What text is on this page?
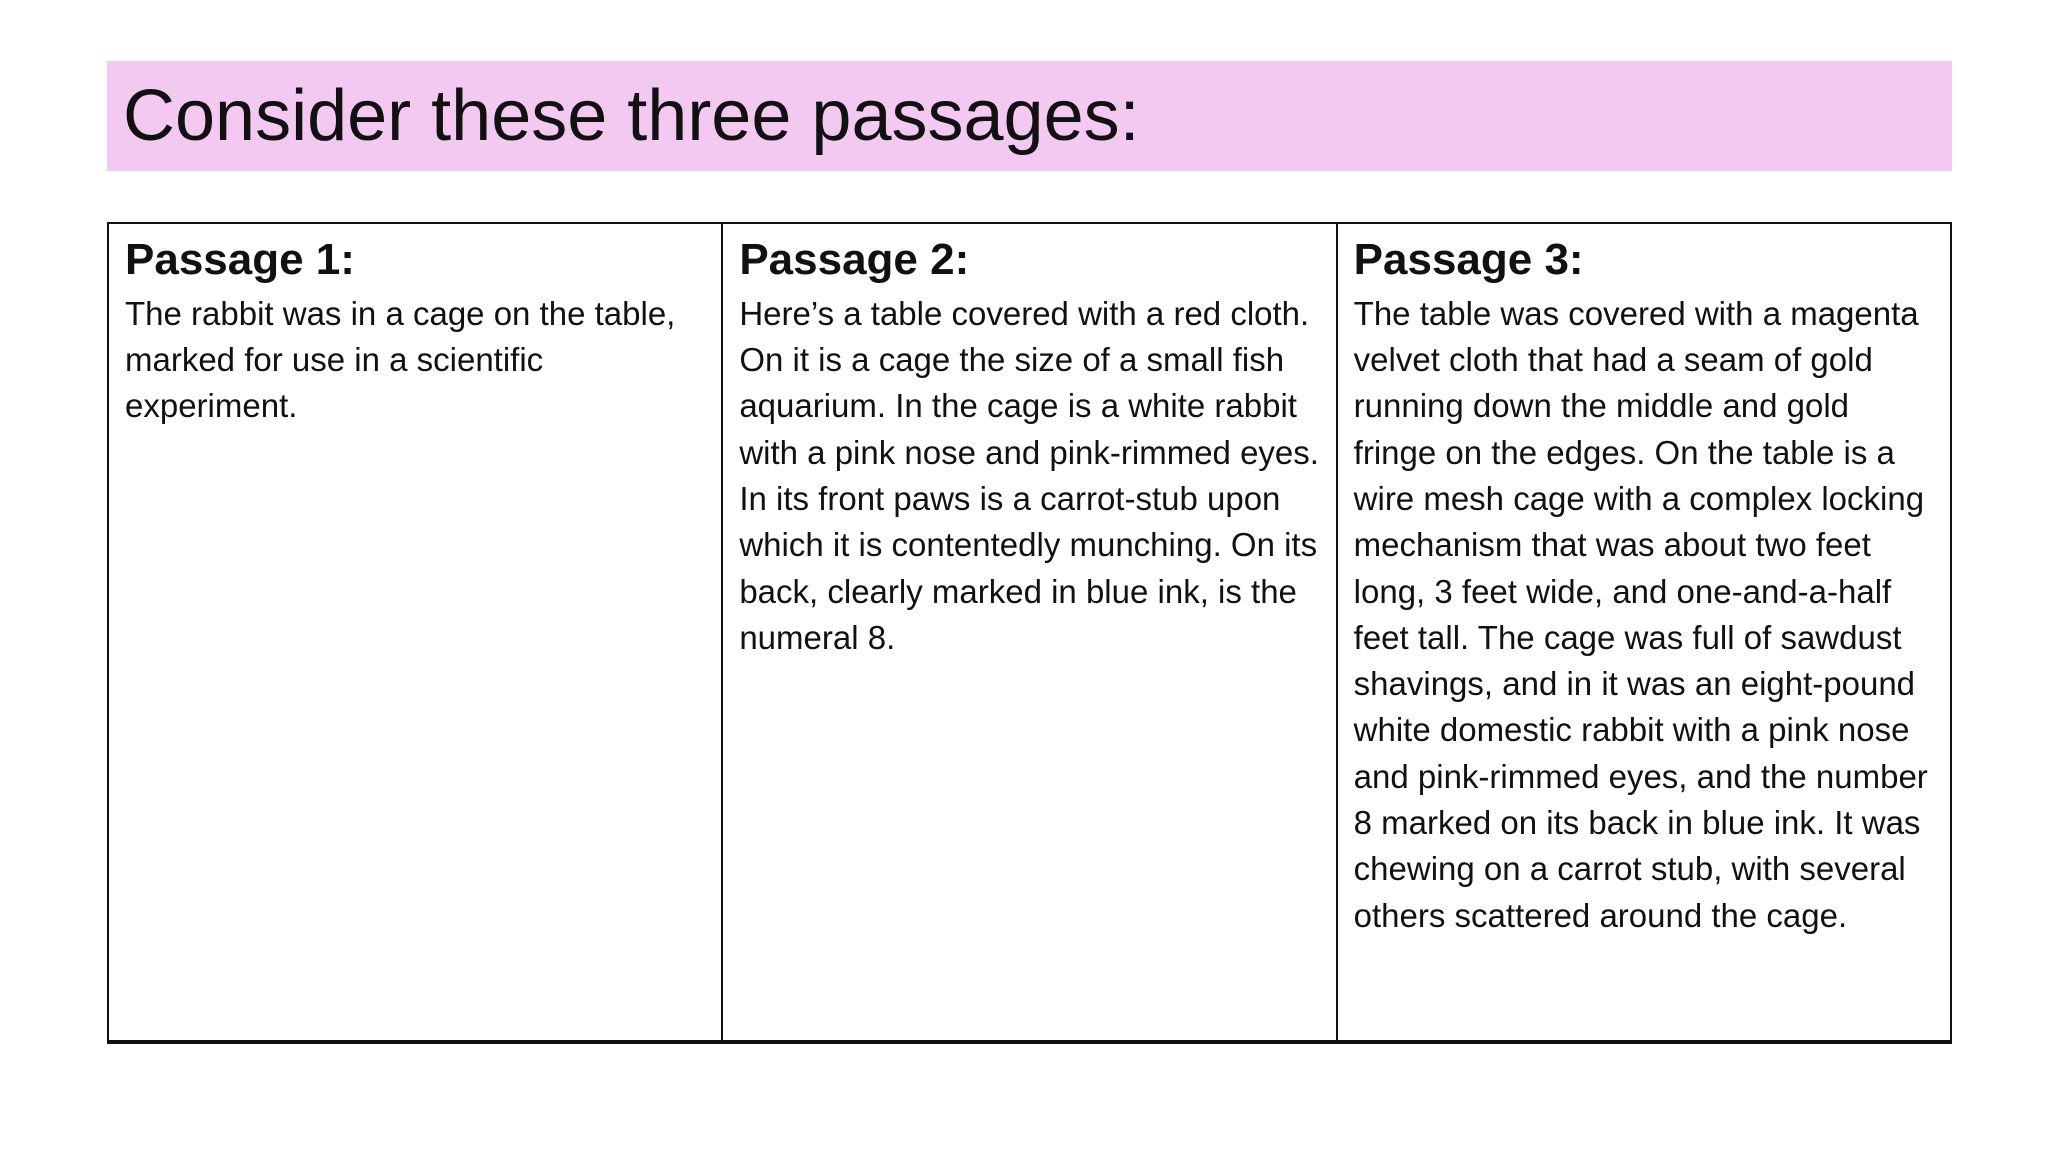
Consider these three passages:
Passage 1:

The rabbit was in a cage on the table, marked for use in a scientific experiment.

Passage 2:

Here’s a table covered with a red cloth. On it is a cage the size of a small fish aquarium. In the cage is a white rabbit with a pink nose and pink-rimmed eyes. In its front paws is a carrot-stub upon which it is contentedly munching. On its back, clearly marked in blue ink, is the numeral 8.

Passage 3:

The table was covered with a magenta velvet cloth that had a seam of gold running down the middle and gold fringe on the edges. On the table is a wire mesh cage with a complex locking mechanism that was about two feet long, 3 feet wide, and one-and-a-half feet tall. The cage was full of sawdust shavings, and in it was an eight-pound white domestic rabbit with a pink nose and pink-rimmed eyes, and the number 8 marked on its back in blue ink. It was chewing on a carrot stub, with several others scattered around the cage.
